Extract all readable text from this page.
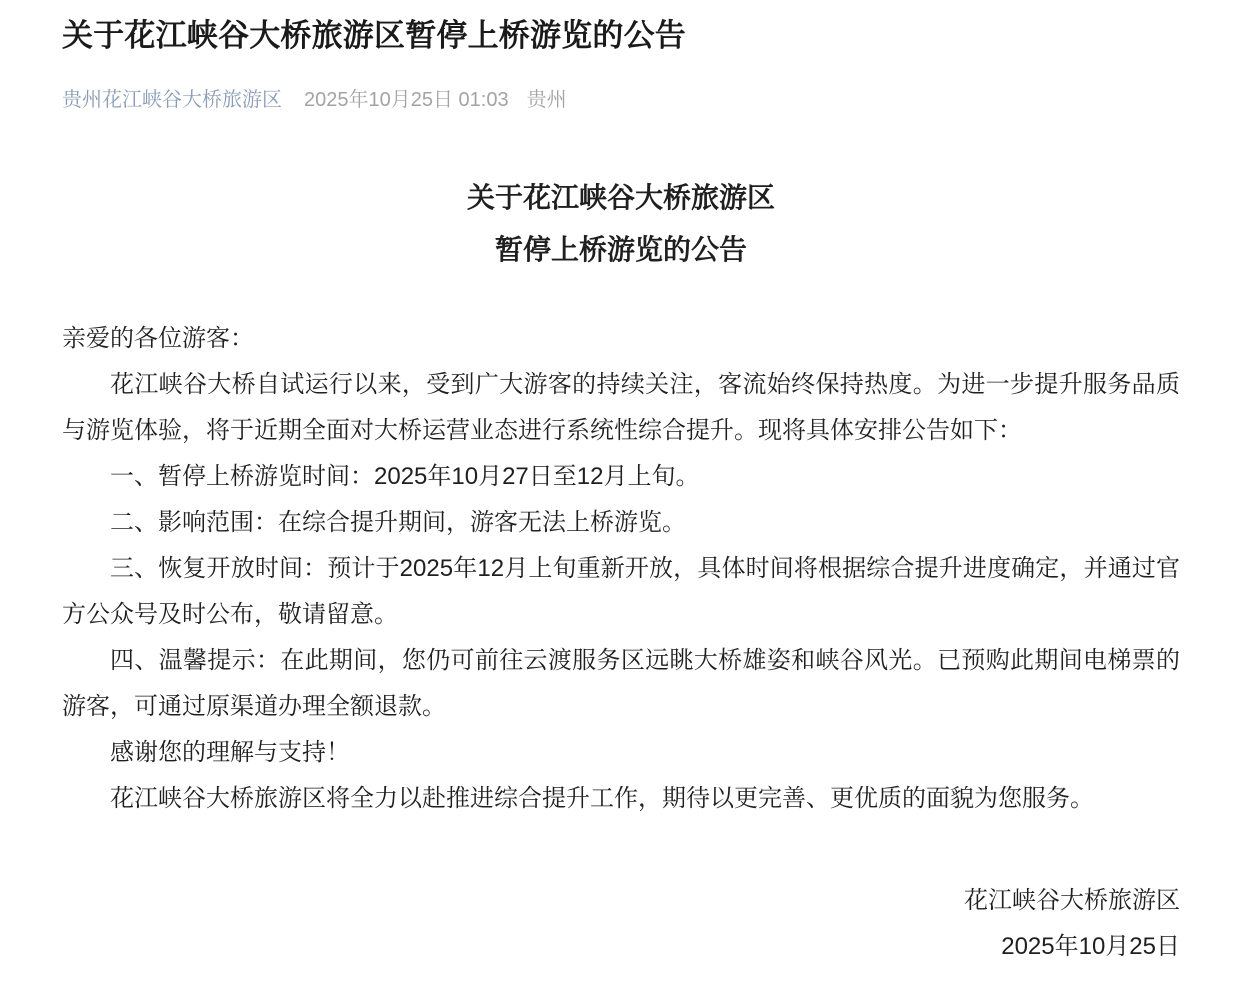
关于花江峡谷大桥旅游区暂停上桥游览的公告
贵州花江峡谷大桥旅游区 2025年10月25日 01:03 贵州
关于花江峡谷大桥旅游区
暂停上桥游览的公告

亲爱的各位游客：

花江峡谷大桥自试运行以来，受到广大游客的持续关注，客流始终保持热度。为进一步提升服务品质与游览体验，将于近期全面对大桥运营业态进行系统性综合提升。现将具体安排公告如下：

一、暂停上桥游览时间：2025年10月27日至12月上旬。

二、影响范围：在综合提升期间，游客无法上桥游览。

三、恢复开放时间：预计于2025年12月上旬重新开放，具体时间将根据综合提升进度确定，并通过官方公众号及时公布，敬请留意。

四、温馨提示：在此期间，您仍可前往云渡服务区远眺大桥雄姿和峡谷风光。已预购此期间电梯票的游客，可通过原渠道办理全额退款。

感谢您的理解与支持！

花江峡谷大桥旅游区将全力以赴推进综合提升工作，期待以更完善、更优质的面貌为您服务。

花江峡谷大桥旅游区
2025年10月25日
